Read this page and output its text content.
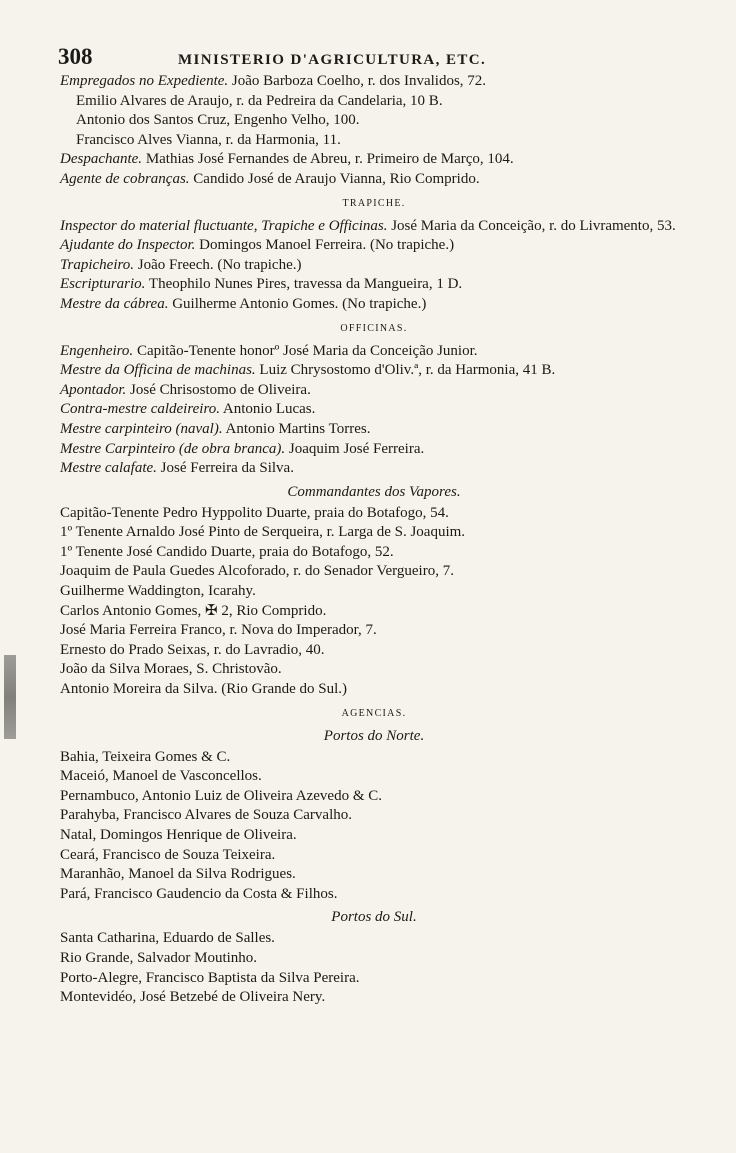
308	MINISTERIO D'AGRICULTURA, ETC.
Empregados no Expediente. João Barboza Coelho, r. dos Invalidos, 72.
Emilio Alvares de Araujo, r. da Pedreira da Candelaria, 10 B.
Antonio dos Santos Cruz, Engenho Velho, 100.
Francisco Alves Vianna, r. da Harmonia, 11.
Despachante. Mathias José Fernandes de Abreu, r. Primeiro de Março, 104.
Agente de cobranças. Candido José de Araujo Vianna, Rio Comprido.
TRAPICHE.
Inspector do material fluctuante, Trapiche e Officinas. José Maria da Conceição, r. do Livramento, 53.
Ajudante do Inspector. Domingos Manoel Ferreira. (No trapiche.)
Trapicheiro. João Freech. (No trapiche.)
Escripturario. Theophilo Nunes Pires, travessa da Mangueira, 1 D.
Mestre da cábrea. Guilherme Antonio Gomes. (No trapiche.)
OFFICINAS.
Engenheiro. Capitão-Tenente honorº José Maria da Conceição Junior.
Mestre da Officina de machinas. Luiz Chrysostomo d'Oliv.ª, r. da Harmonia, 41 B.
Apontador. José Chrisostomo de Oliveira.
Contra-mestre caldeireiro. Antonio Lucas.
Mestre carpinteiro (naval). Antonio Martins Torres.
Mestre Carpinteiro (de obra branca). Joaquim José Ferreira.
Mestre calafate. José Ferreira da Silva.
Commandantes dos Vapores.
Capitão-Tenente Pedro Hyppolito Duarte, praia do Botafogo, 54.
1º Tenente Arnaldo José Pinto de Serqueira, r. Larga de S. Joaquim.
1º Tenente José Candido Duarte, praia do Botafogo, 52.
Joaquim de Paula Guedes Alcoforado, r. do Senador Vergueiro, 7.
Guilherme Waddington, Icarahy.
Carlos Antonio Gomes, ✠ 2, Rio Comprido.
José Maria Ferreira Franco, r. Nova do Imperador, 7.
Ernesto do Prado Seixas, r. do Lavradio, 40.
João da Silva Moraes, S. Christovão.
Antonio Moreira da Silva. (Rio Grande do Sul.)
AGENCIAS.
Portos do Norte.
Bahia, Teixeira Gomes & C.
Maceió, Manoel de Vasconcellos.
Pernambuco, Antonio Luiz de Oliveira Azevedo & C.
Parahyba, Francisco Alvares de Souza Carvalho.
Natal, Domingos Henrique de Oliveira.
Ceará, Francisco de Souza Teixeira.
Maranhão, Manoel da Silva Rodrigues.
Pará, Francisco Gaudencio da Costa & Filhos.
Portos do Sul.
Santa Catharina, Eduardo de Salles.
Rio Grande, Salvador Moutinho.
Porto-Alegre, Francisco Baptista da Silva Pereira.
Montevidéo, José Betzebé de Oliveira Nery.
